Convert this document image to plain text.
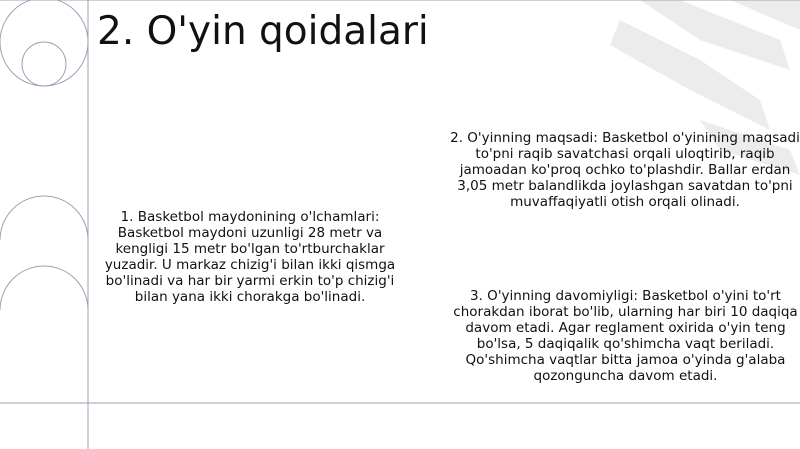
2. O'yin qoidalari

1. Basketbol maydonining o'lchamlari: Basketbol maydoni uzunligi 28 metr va kengligi 15 metr bo'lgan to'rtburchaklar yuzadir. U markaz chizig'i bilan ikki qismga bo'linadi va har bir yarmi erkin to'p chizig'i bilan yana ikki chorakga bo'linadi.

2. O'yinning maqsadi: Basketbol o'yinining maqsadi to'pni raqib savatchasi orqali uloqtirib, raqib jamoadan ko'proq ochko to'plashdir. Ballar erdan 3,05 metr balandlikda joylashgan savatdan to'pni muvaffaqiyatli otish orqali olinadi.

3. O'yinning davomiyligi: Basketbol o'yini to'rt chorakdan iborat bo'lib, ularning har biri 10 daqiqa davom etadi. Agar reglament oxirida o'yin teng bo'lsa, 5 daqiqalik qo'shimcha vaqt beriladi. Qo'shimcha vaqtlar bitta jamoa o'yinda g'alaba qozonguncha davom etadi.
